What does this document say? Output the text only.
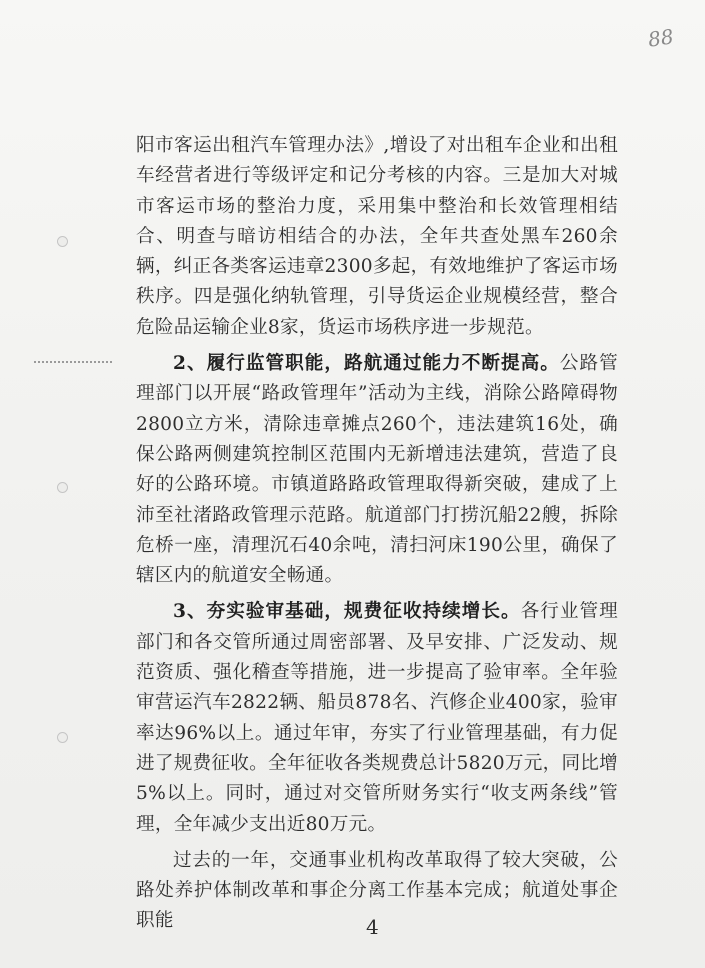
88

阳市客运出租汽车管理办法》,增设了对出租车企业和出租车经营者进行等级评定和记分考核的内容。三是加大对城市客运市场的整治力度，采用集中整治和长效管理相结合、明查与暗访相结合的办法，全年共查处黑车260余辆，纠正各类客运违章2300多起，有效地维护了客运市场秩序。四是强化纳轨管理，引导货运企业规模经营，整合危险品运输企业8家，货运市场秩序进一步规范。

2、履行监管职能，路航通过能力不断提高。公路管理部门以开展“路政管理年”活动为主线，消除公路障碍物2800立方米，清除违章摊点260个，违法建筑16处，确保公路两侧建筑控制区范围内无新增违法建筑，营造了良好的公路环境。市镇道路路政管理取得新突破，建成了上沛至社渚路政管理示范路。航道部门打捞沉船22艘，拆除危桥一座，清理沉石40余吨，清扫河床190公里，确保了辖区内的航道安全畅通。

3、夯实验审基础，规费征收持续增长。各行业管理部门和各交管所通过周密部署、及早安排、广泛发动、规范资质、强化稽查等措施，进一步提高了验审率。全年验审营运汽车2822辆、船员878名、汽修企业400家，验审率达96%以上。通过年审，夯实了行业管理基础，有力促进了规费征收。全年征收各类规费总计5820万元，同比增5%以上。同时，通过对交管所财务实行“收支两条线”管理，全年减少支出近80万元。

过去的一年，交通事业机构改革取得了较大突破，公路处养护体制改革和事企分离工作基本完成；航道处事企职能	4
